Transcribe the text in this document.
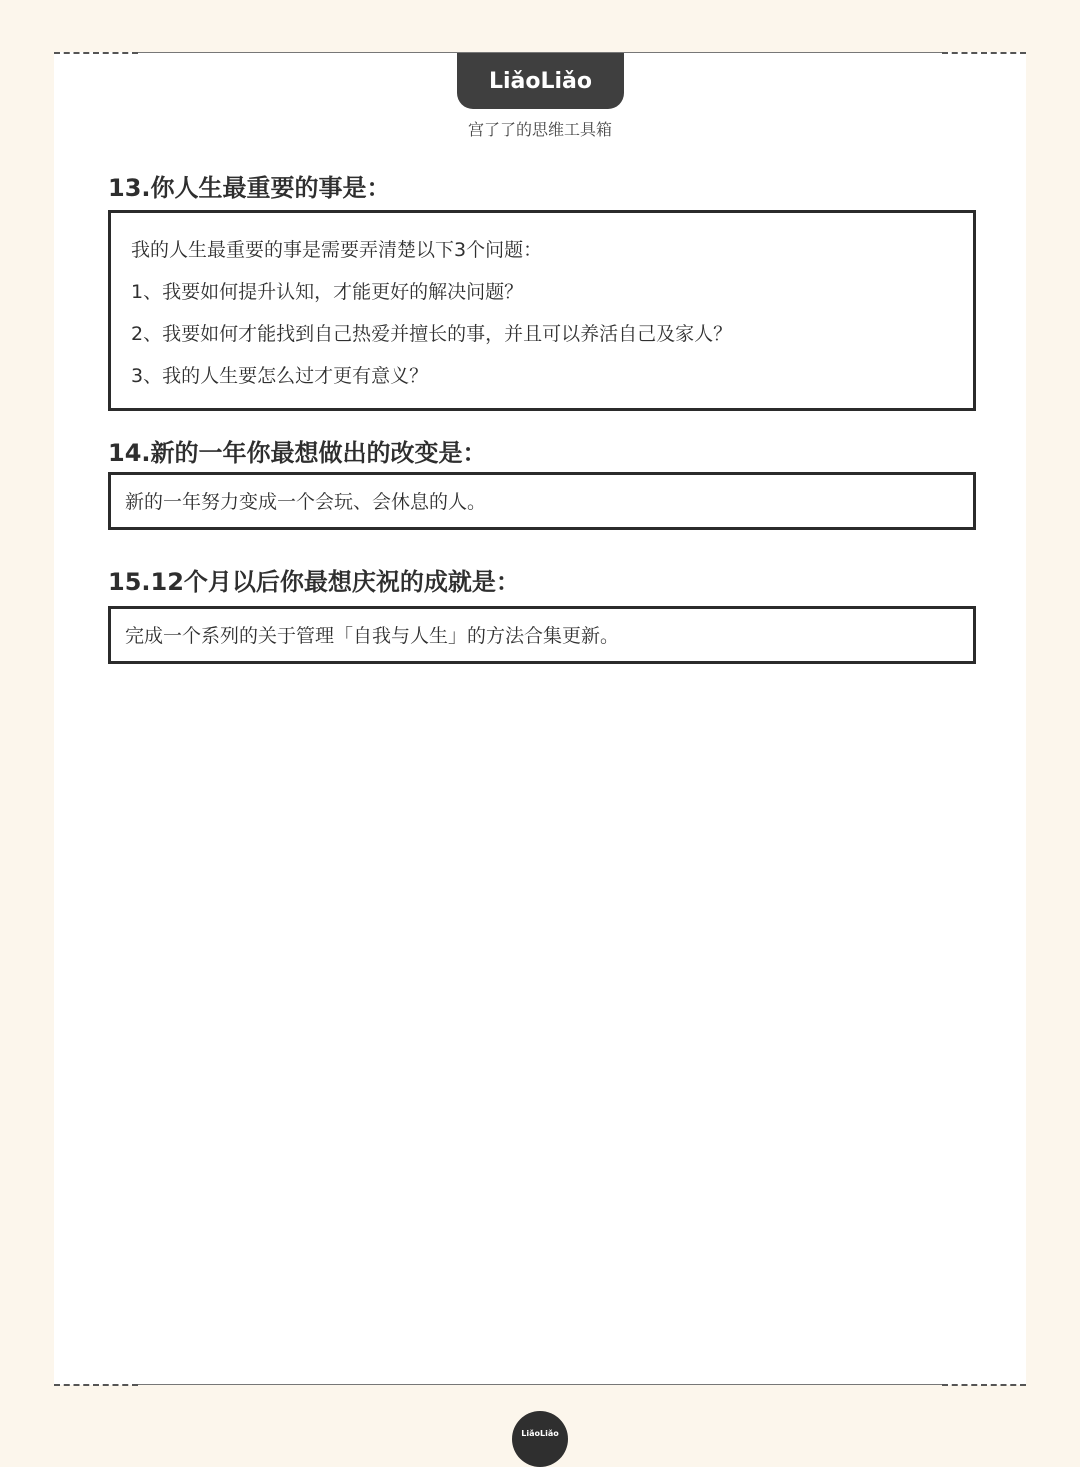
LiǎoLiǎo
宫了了的思维工具箱
13.你人生最重要的事是：
我的人生最重要的事是需要弄清楚以下3个问题：
1、我要如何提升认知，才能更好的解决问题？
2、我要如何才能找到自己热爱并擅长的事，并且可以养活自己及家人？
3、我的人生要怎么过才更有意义？
14.新的一年你最想做出的改变是：
新的一年努力变成一个会玩、会休息的人。
15.12个月以后你最想庆祝的成就是：
完成一个系列的关于管理「自我与人生」的方法合集更新。
LiǎoLiǎo
